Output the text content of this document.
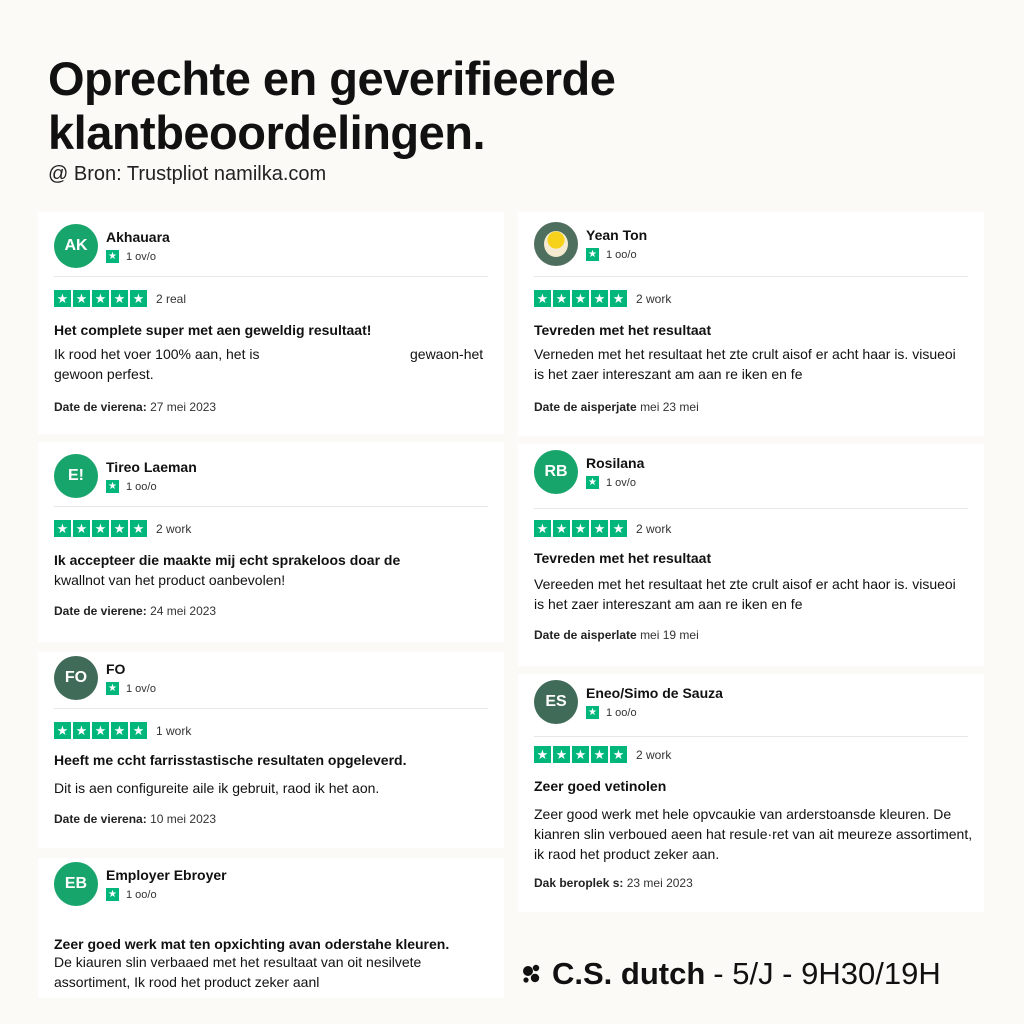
Oprechte en geverifieerde
klantbeoordelingen.
@ Bron: Trustpliot namilka.com
AK	Akhauara
★ 1 ov/o
★ ★ ★ ★ ★ 2 real
Het complete super met aen geweldig resultaat!
Ik rood het voer 100% aan, het is	gewaon-het
gewoon perfest.
Date de vierena: 27 mei 2023
E!	Tireo Laeman
★ 1 oo/o
★ ★ ★ ★ ★ 2 work
Ik accepteer die maakte mij echt sprakeloos doar de
kwallnot van het product oanbevolen!
Date de vierene: 24 mei 2023
FO	FO
★ 1 ov/o
★ ★ ★ ★ ★ 1 work
Heeft me ccht farrisstastische resultaten opgeleverd.
Dit is aen configureite aile ik gebruit, raod ik het aon.
Date de vierena: 10 mei 2023
EB	Employer Ebroyer
★ 1 oo/o
Zeer goed werk mat ten opxichting avan oderstahe kleuren.
De kiauren slin verbaaed met het resultaat van oit nesilvete assortiment, Ik rood het product zeker aanl
Yean Ton
★ 1 oo/o
★ ★ ★ ★ ★ 2 work
Tevreden met het resultaat
Verneden met het resultaat het zte crult aisof er acht haar is. visueoi is het zaer intereszant am aan re iken en fe
Date de aisperjate mei 23 mei
RB	Rosilana
★ 1 ov/o
★ ★ ★ ★ ★ 2 work
Tevreden met het resultaat
Vereeden met het resultaat het zte crult aisof er acht haor is. visueoi is het zaer intereszant am aan re iken en fe
Date de aisperlate mei 19 mei
ES	Eneo/Simo de Sauza
★ 1 oo/o
★ ★ ★ ★ ★ 2 work
Zeer goed vetinolen
Zeer good werk met hele opvcaukie van arderstoansde kleuren. De kianren slin verboued aeen hat resule·ret van ait meureze assortiment, ik raod het product zeker aan.
Dak beroplek s: 23 mei 2023
C.S. dutch - 5/J - 9H30/19H
